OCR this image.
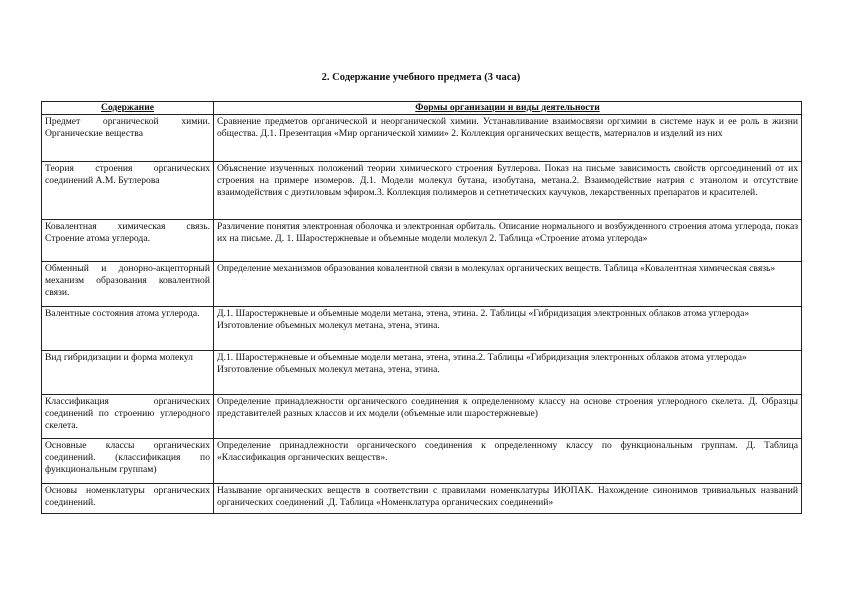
2. Содержание учебного предмета (3 часа)
Содержание	Формы организации и виды деятельности
Предмет органической химии. Органические вещества	Сравнение предметов органической и неорганической химии. Устанавливание взаимосвязи оргхимии в системе наук и ее роль в жизни общества. Д.1. Презентация «Мир органической химии» 2. Коллекция органических веществ, материалов и изделий из них

Теория строения органических соединений А.М. Бутлерова	Объяснение изученных положений теории химического строения Бутлерова. Показ на письме зависимость свойств оргсоединений от их строения на примере изомеров. Д.1. Модели молекул бутана, изобутана, метана.2. Взаимодействие натрия с этанолом и отсутствие взаимодействия с диэтиловым эфиром.3. Коллекция полимеров и сетнетических каучуков, лекарственных препаратов и красителей.

Ковалентная химическая связь. Строение атома углерода.	Различение понятия электронная оболочка и электронная орбиталь. Описание нормального и возбужденного строения атома углерода, показ их на письме. Д. 1. Шаростержневые и объемные модели молекул 2. Таблица «Строение атома углерода»

Обменный и донорно-акцепторный механизм образования ковалентной связи.	Определение механизмов образования ковалентной связи в молекулах органических веществ. Таблица «Ковалентная химическая связь»

Валентные состояния атома углерода.	Д.1. Шаростержневые и объемные модели метана, этена, этина. 2. Таблицы «Гибридизация электронных облаков атома углерода»
Изготовление объемных молекул метана, этена, этина.

Вид гибридизации и форма молекул	Д.1. Шаростержневые и объемные модели метана, этена, этина.2. Таблицы «Гибридизация электронных облаков атома углерода»
Изготовление объемных молекул метана, этена, этина.

Классификация органических соединений по строению углеродного скелета.	Определение принадлежности органического соединения к определенному классу на основе строения углеродного скелета. Д. Образцы представителей разных классов и их модели (объемные или шаростержневые)

Основные классы органических соединений. (классификация по функциональным группам)	Определение принадлежности органического соединения к определенному классу по функциональным группам. Д. Таблица «Классификация органических веществ».

Основы номенклатуры органических соединений.	Называние органических веществ в соответствии с правилами номенклатуры ИЮПАК. Нахождение синонимов тривиальных названий органических соединений .Д. Таблица «Номенклатура органических соединений»
